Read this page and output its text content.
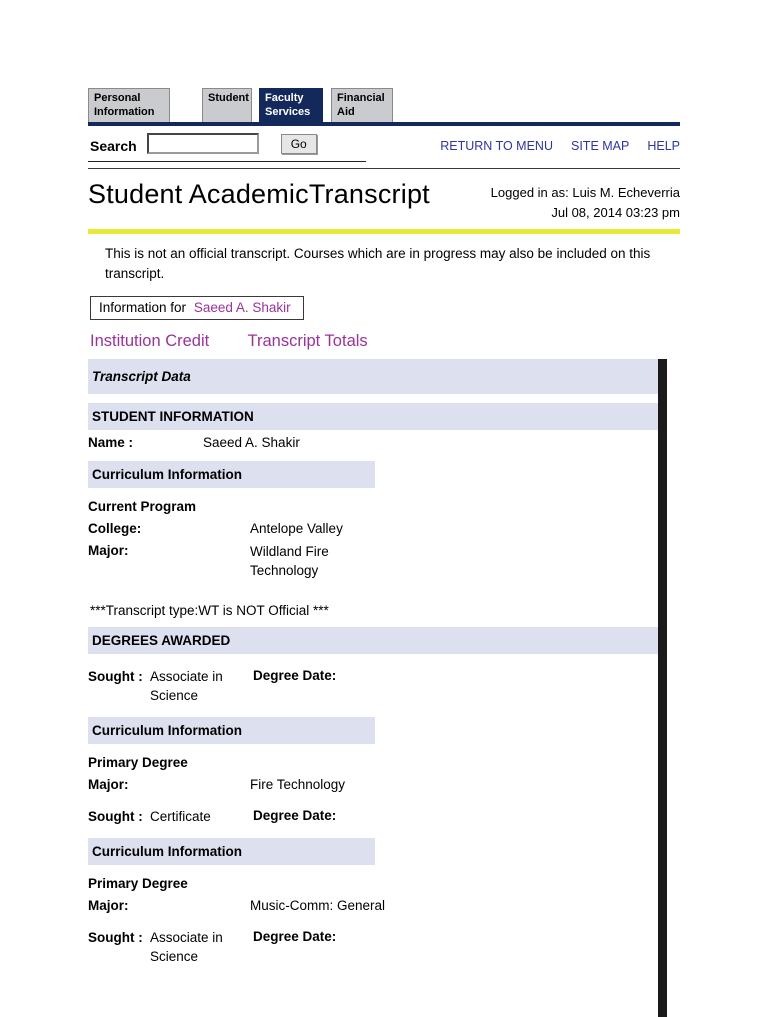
Personal Information
Student	Faculty Services
Financial Aid
Search	Go	RETURN TO MENU SITE MAP HELP
Student AcademicTranscript	Logged in as: Luis M. Echeverria
Jul 08, 2014 03:23 pm

This is not an official transcript. Courses which are in progress may also be included on this transcript.

Information for Saeed A. Shakir
Institution Credit Transcript Totals
Transcript Data
STUDENT INFORMATION
Name :	Saeed A. Shakir
Curriculum Information
Current Program
College:	Antelope Valley
Major:	Wildland Fire Technology
***Transcript type:WT is NOT Official ***
DEGREES AWARDED
Sought : Associate in Science
Degree Date:
Curriculum Information
Primary Degree
Major:	Fire Technology
Sought : Certificate	Degree Date:
Curriculum Information
Primary Degree
Major:	Music-Comm: General
Sought : Associate in Science
Degree Date:
